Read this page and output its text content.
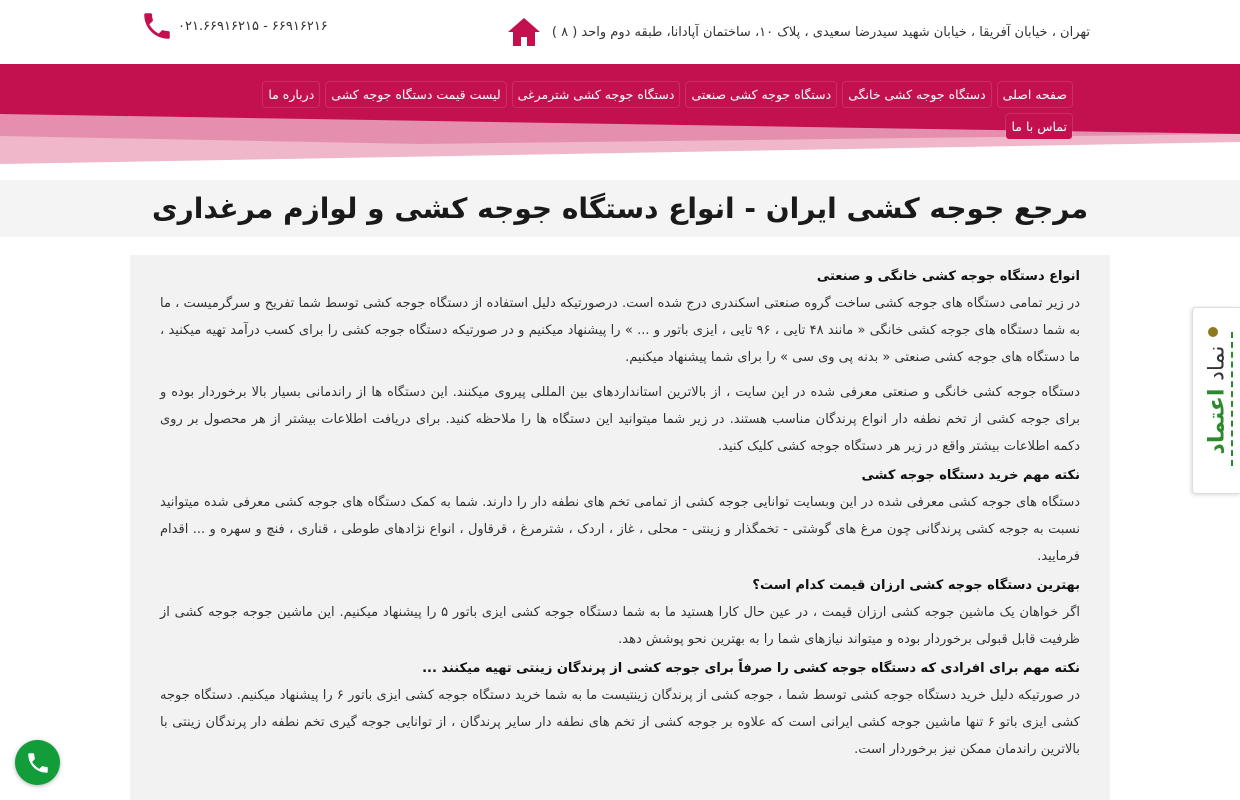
تهران ، خیابان آفریقا ، خیابان شهید سیدرضا سعیدی ، پلاک ۱۰، ساختمان آپادانا، طبقه دوم واحد ( ۸ )
۶۶۹۱۶۲۱۶ - ۰۲۱.۶۶۹۱۶۲۱۵
صفحه اصلی
دستگاه جوجه کشی خانگی
دستگاه جوجه کشی صنعتی
دستگاه جوجه کشی شترمرغی
لیست قیمت دستگاه جوجه کشی
درباره ما
تماس با ما
مرجع جوجه کشی ایران - انواع دستگاه جوجه کشی و لوازم مرغداری
انواع دستگاه جوجه کشی خانگی و صنعتی

در زیر تمامی دستگاه های جوجه کشی ساخت گروه صنعتی اسکندری درج شده است. درصورتیکه دلیل استفاده از دستگاه جوجه کشی توسط شما تفریح و سرگرمیست ، ما به شما دستگاه های جوجه کشی خانگی « مانند ۴۸ تایی ، ۹۶ تایی ، ایزی باتور و ... » را پیشنهاد میکنیم و در صورتیکه دستگاه جوجه کشی را برای کسب درآمد تهیه میکنید ، ما دستگاه های جوجه کشی صنعتی « بدنه پی وی سی » را برای شما پیشنهاد میکنیم.

دستگاه جوجه کشی خانگی و صنعتی معرفی شده در این سایت ، از بالاترین استانداردهای بین المللی پیروی میکنند. این دستگاه ها از راندمانی بسیار بالا برخوردار بوده و برای جوجه کشی از تخم نطفه دار انواع پرندگان مناسب هستند. در زیر شما میتوانید این دستگاه ها را ملاحظه کنید. برای دریافت اطلاعات بیشتر از هر محصول بر روی دکمه اطلاعات بیشتر واقع در زیر هر دستگاه جوجه کشی کلیک کنید.

نکته مهم خرید دستگاه جوجه کشی

دستگاه های جوجه کشی معرفی شده در این وبسایت توانایی جوجه کشی از تمامی تخم های نطفه دار را دارند. شما به کمک دستگاه های جوجه کشی معرفی شده میتوانید نسبت به جوجه کشی پرندگانی چون مرغ های گوشتی - تخمگذار و زینتی - محلی ، غاز ، اردک ، شترمرغ ، قرقاول ، انواع نژادهای طوطی ، قناری ، فنچ و سهره و ... اقدام فرمایید.

بهترین دستگاه جوجه کشی ارزان قیمت کدام است؟

اگر خواهان یک ماشین جوجه کشی ارزان قیمت ، در عین حال کارا هستید ما به شما دستگاه جوجه کشی ایزی باتور ۵ را پیشنهاد میکنیم. این ماشین جوجه جوجه کشی از ظرفیت قابل قبولی برخوردار بوده و میتواند نیازهای شما را به بهترین نحو پوشش دهد.

نکته مهم برای افرادی که دستگاه جوجه کشی را صرفاً برای جوجه کشی از پرندگان زینتی تهیه میکنند ...

در صورتیکه دلیل خرید دستگاه جوجه کشی توسط شما ، جوجه کشی از پرندگان زینتیست ما به شما خرید دستگاه جوجه کشی ایزی باتور ۶ را پیشنهاد میکنیم. دستگاه جوجه کشی ایزی باتو ۶ تنها ماشین جوجه کشی ایرانی است که علاوه بر جوجه کشی از تخم های نطفه دار سایر پرندگان ، از توانایی جوجه گیری تخم نطفه دار پرندگان زینتی با بالاترین راندمان ممکن نیز برخوردار است.

نماد اعتماد
